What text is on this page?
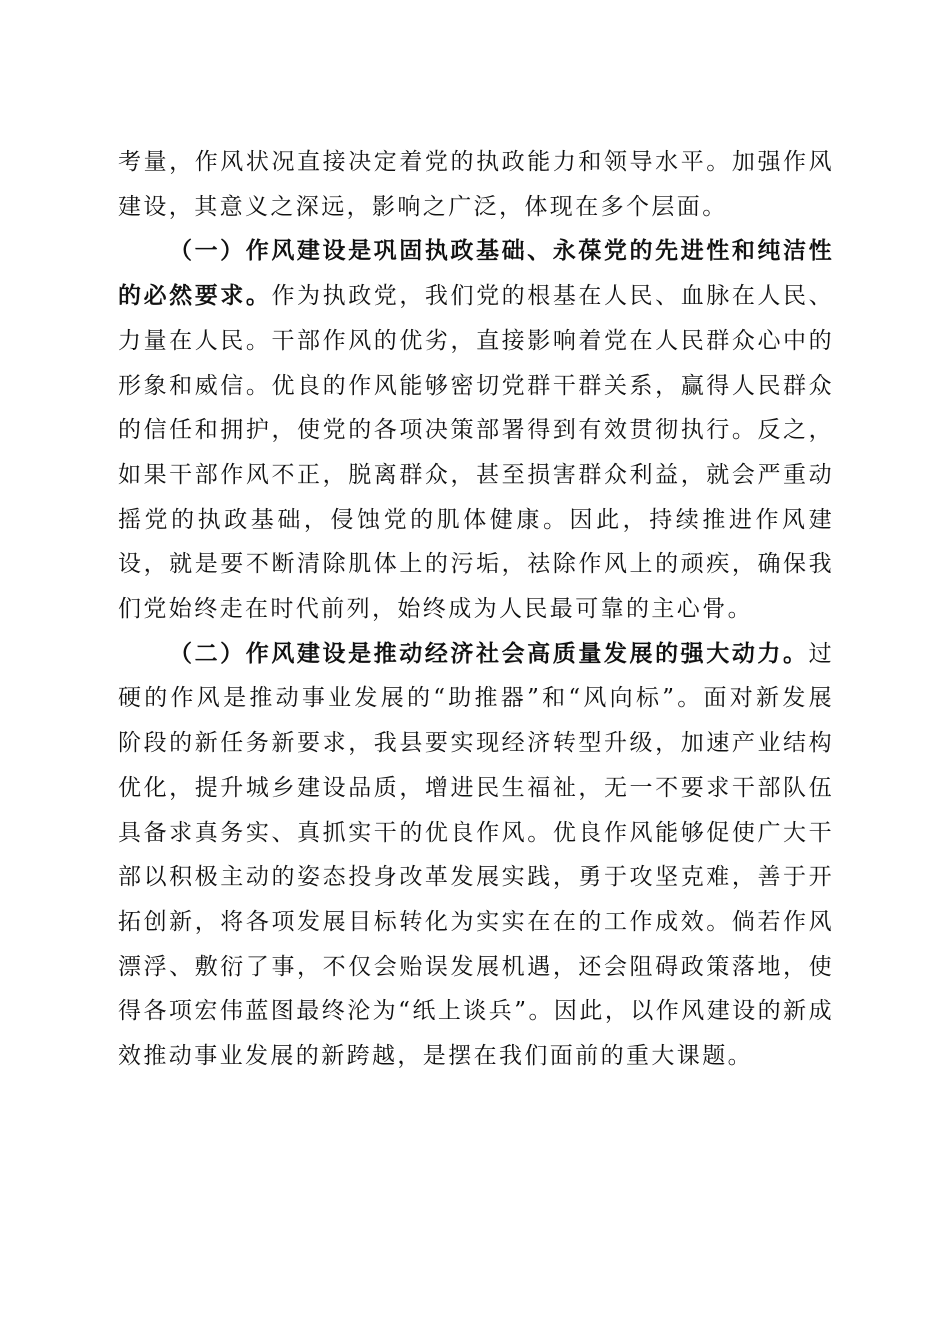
考量，作风状况直接决定着党的执政能力和领导水平。加强作风建设，其意义之深远，影响之广泛，体现在多个层面。

（一）作风建设是巩固执政基础、永葆党的先进性和纯洁性的必然要求。作为执政党，我们党的根基在人民、血脉在人民、力量在人民。干部作风的优劣，直接影响着党在人民群众心中的形象和威信。优良的作风能够密切党群干群关系，赢得人民群众的信任和拥护，使党的各项决策部署得到有效贯彻执行。反之，如果干部作风不正，脱离群众，甚至损害群众利益，就会严重动摇党的执政基础，侵蚀党的肌体健康。因此，持续推进作风建设，就是要不断清除肌体上的污垢，祛除作风上的顽疾，确保我们党始终走在时代前列，始终成为人民最可靠的主心骨。

（二）作风建设是推动经济社会高质量发展的强大动力。过硬的作风是推动事业发展的“助推器”和“风向标”。面对新发展阶段的新任务新要求，我县要实现经济转型升级，加速产业结构优化，提升城乡建设品质，增进民生福祉，无一不要求干部队伍具备求真务实、真抓实干的优良作风。优良作风能够促使广大干部以积极主动的姿态投身改革发展实践，勇于攻坚克难，善于开拓创新，将各项发展目标转化为实实在在的工作成效。倘若作风漂浮、敷衍了事，不仅会贻误发展机遇，还会阻碍政策落地，使得各项宏伟蓝图最终沦为“纸上谈兵”。因此，以作风建设的新成效推动事业发展的新跨越，是摆在我们面前的重大课题。
